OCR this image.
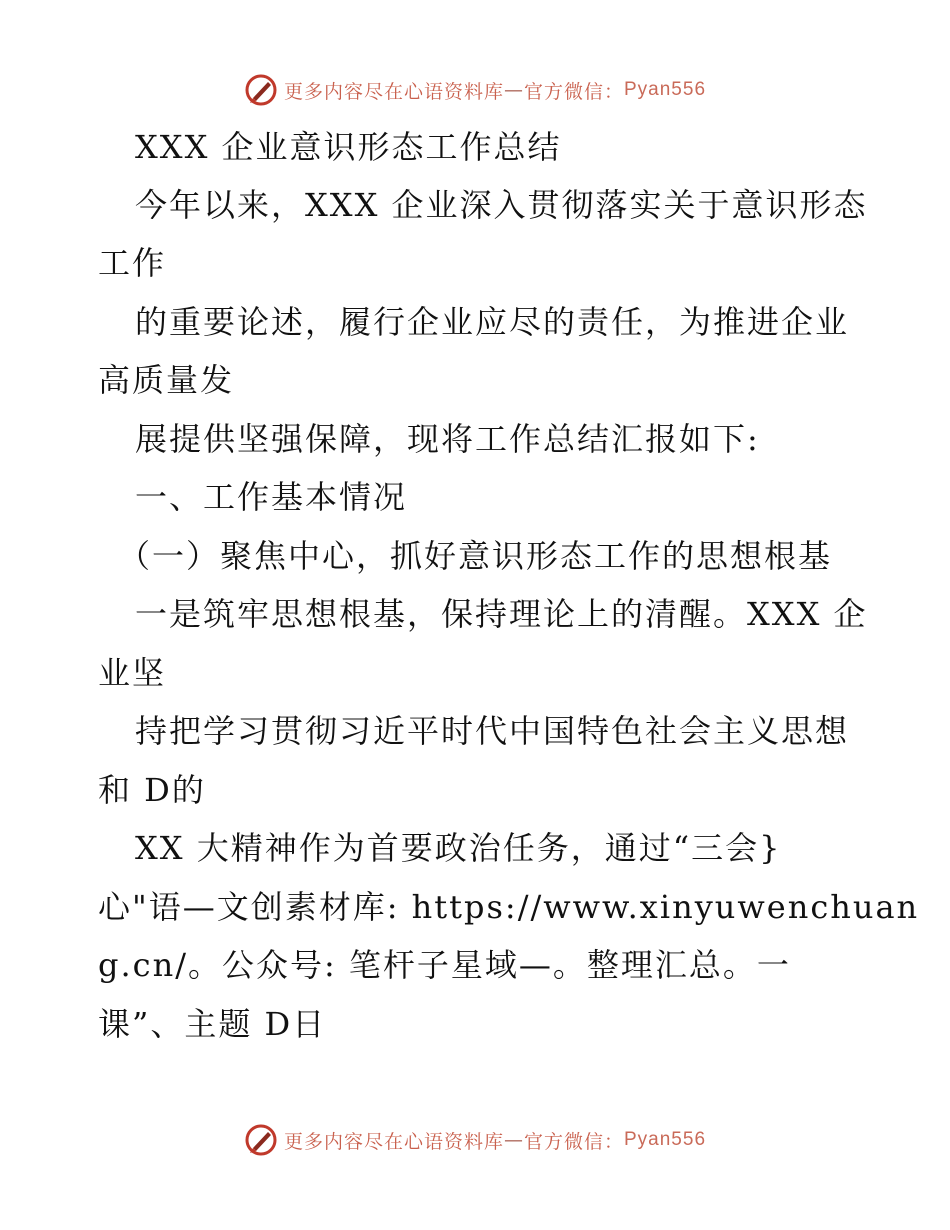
更多内容尽在心语资料库 — 官方微信： Pyan556
XXX 企业意识形态工作总结
今年以来，XXX 企业深入贯彻落实关于意识形态
工作
的重要论述，履行企业应尽的责任，为推进企业
高质量发
展提供坚强保障，现将工作总结汇报如下:
一、工作基本情况
（一）聚焦中心，抓好意识形态工作的思想根基
一是筑牢思想根基，保持理论上的清醒。XXX 企
业坚
持把学习贯彻习近平时代中国特色社会主义思想
和 D的
XX 大精神作为首要政治任务，通过“三会}
心"语—文创素材库: https://www.xinyuwenchuan
g.cn/。公众号: 笔杆子星域—。整理汇总。一
课”、主题 D日
更多内容尽在心语资料库 — 官方微信： Pyan556
